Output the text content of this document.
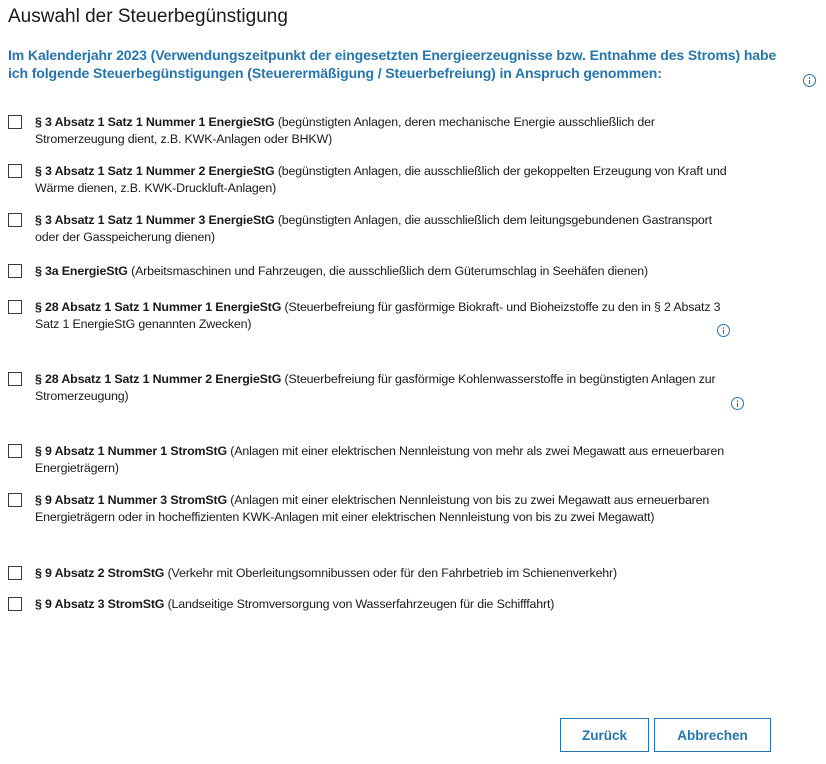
Auswahl der Steuerbegünstigung
Im Kalenderjahr 2023 (Verwendungszeitpunkt der eingesetzten Energieerzeugnisse bzw. Entnahme des Stroms) habe ich folgende Steuerbegünstigungen (Steuerermäßigung / Steuerbefreiung) in Anspruch genommen:
§ 3 Absatz 1 Satz 1 Nummer 1 EnergieStG (begünstigten Anlagen, deren mechanische Energie ausschließlich der Stromerzeugung dient, z.B. KWK-Anlagen oder BHKW)
§ 3 Absatz 1 Satz 1 Nummer 2 EnergieStG (begünstigten Anlagen, die ausschließlich der gekoppelten Erzeugung von Kraft und Wärme dienen, z.B. KWK-Druckluft-Anlagen)
§ 3 Absatz 1 Satz 1 Nummer 3 EnergieStG (begünstigten Anlagen, die ausschließlich dem leitungsgebundenen Gastransport oder der Gasspeicherung dienen)
§ 3a EnergieStG (Arbeitsmaschinen und Fahrzeugen, die ausschließlich dem Güterumschlag in Seehäfen dienen)
§ 28 Absatz 1 Satz 1 Nummer 1 EnergieStG (Steuerbefreiung für gasförmige Biokraft- und Bioheizstoffe zu den in § 2 Absatz 3 Satz 1 EnergieStG genannten Zwecken)
§ 28 Absatz 1 Satz 1 Nummer 2 EnergieStG (Steuerbefreiung für gasförmige Kohlenwasserstoffe in begünstigten Anlagen zur Stromerzeugung)
§ 9 Absatz 1 Nummer 1 StromStG (Anlagen mit einer elektrischen Nennleistung von mehr als zwei Megawatt aus erneuerbaren Energieträgern)
§ 9 Absatz 1 Nummer 3 StromStG (Anlagen mit einer elektrischen Nennleistung von bis zu zwei Megawatt aus erneuerbaren Energieträgern oder in hocheffizienten KWK-Anlagen mit einer elektrischen Nennleistung von bis zu zwei Megawatt)
§ 9 Absatz 2 StromStG (Verkehr mit Oberleitungsomnibussen oder für den Fahrbetrieb im Schienenverkehr)
§ 9 Absatz 3 StromStG (Landseitige Stromversorgung von Wasserfahrzeugen für die Schifffahrt)
Zurück	Abbrechen
